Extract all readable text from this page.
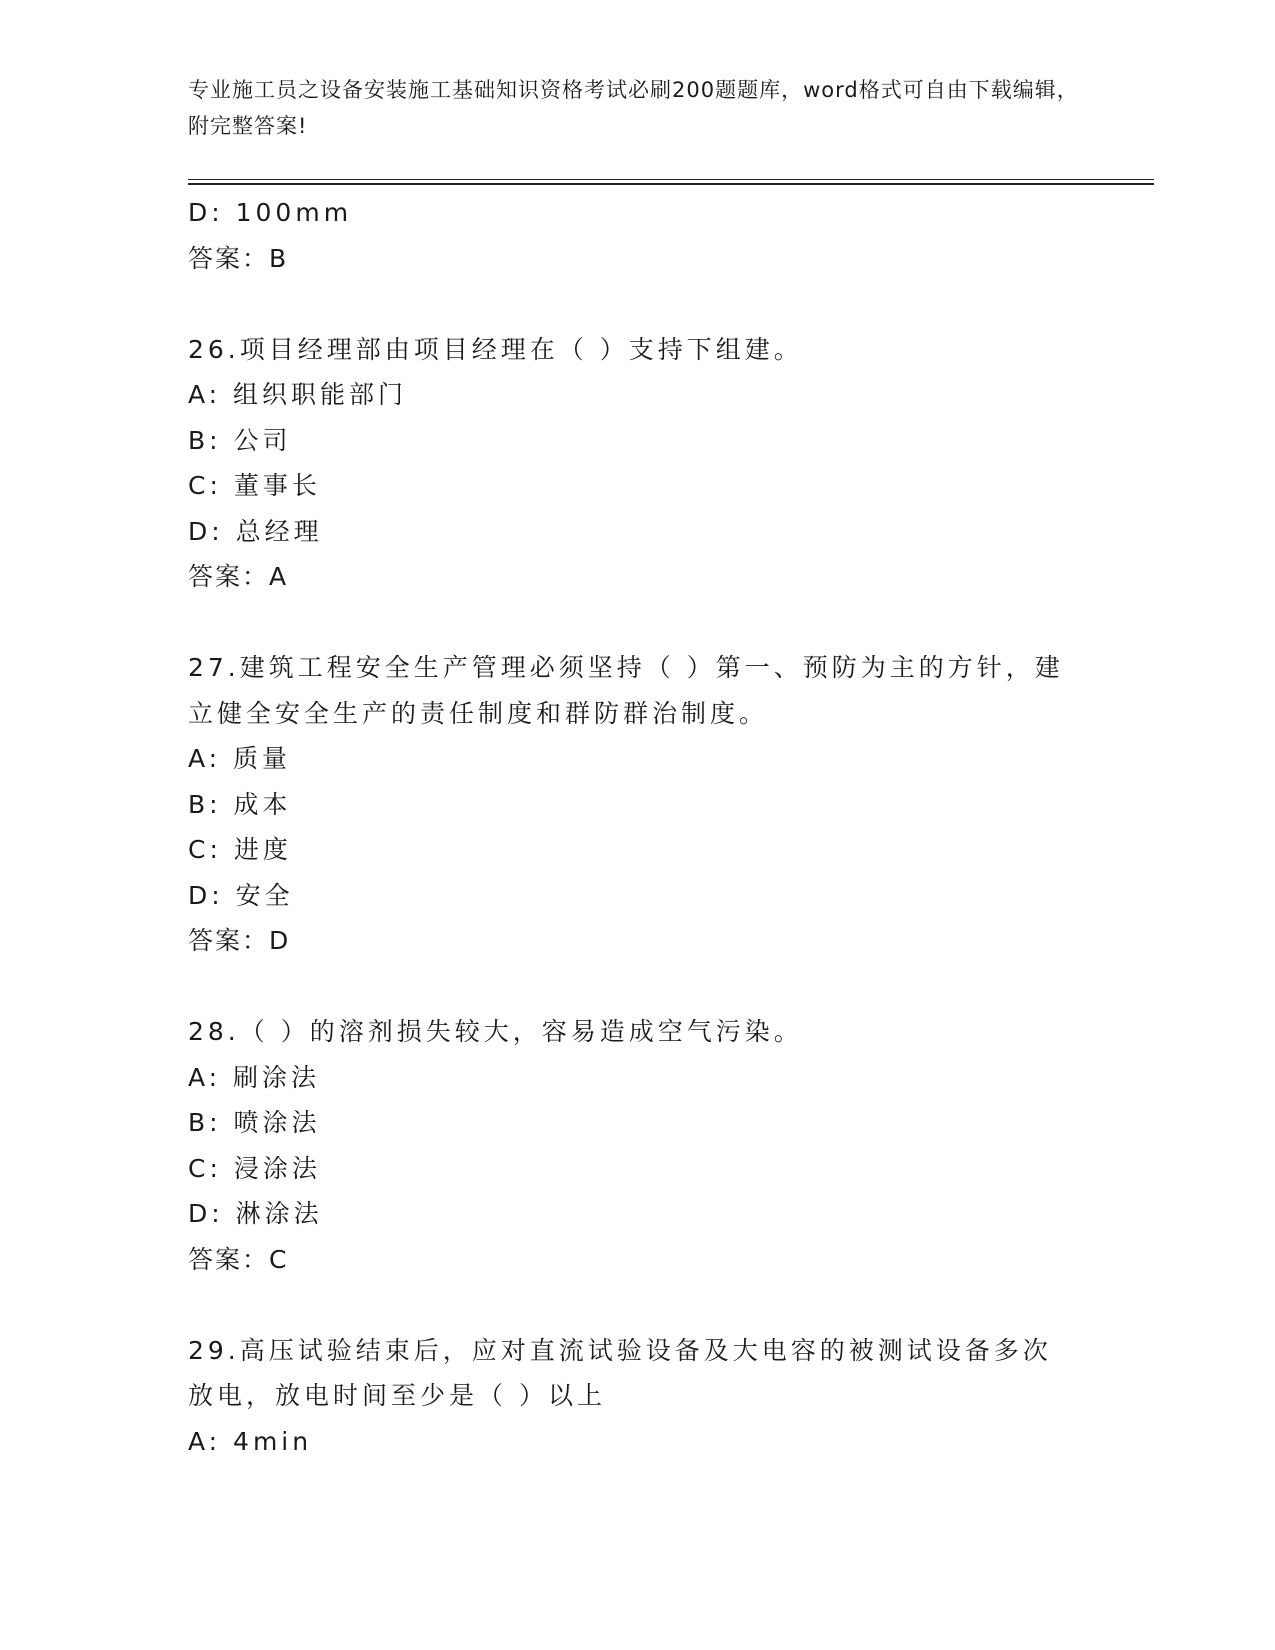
专业施工员之设备安装施工基础知识资格考试必刷200题题库，word格式可自由下载编辑，附完整答案!
D: 100mm
答案：B
26.项目经理部由项目经理在（ ）支持下组建。
A: 组织职能部门
B: 公司
C: 董事长
D: 总经理
答案：A
27.建筑工程安全生产管理必须坚持（ ）第一、预防为主的方针，建立健全安全生产的责任制度和群防群治制度。
A: 质量
B: 成本
C: 进度
D: 安全
答案：D
28.（ ）的溶剂损失较大，容易造成空气污染。
A: 刷涂法
B: 喷涂法
C: 浸涂法
D: 淋涂法
答案：C
29.高压试验结束后，应对直流试验设备及大电容的被测试设备多次放电，放电时间至少是（ ）以上
A: 4min
